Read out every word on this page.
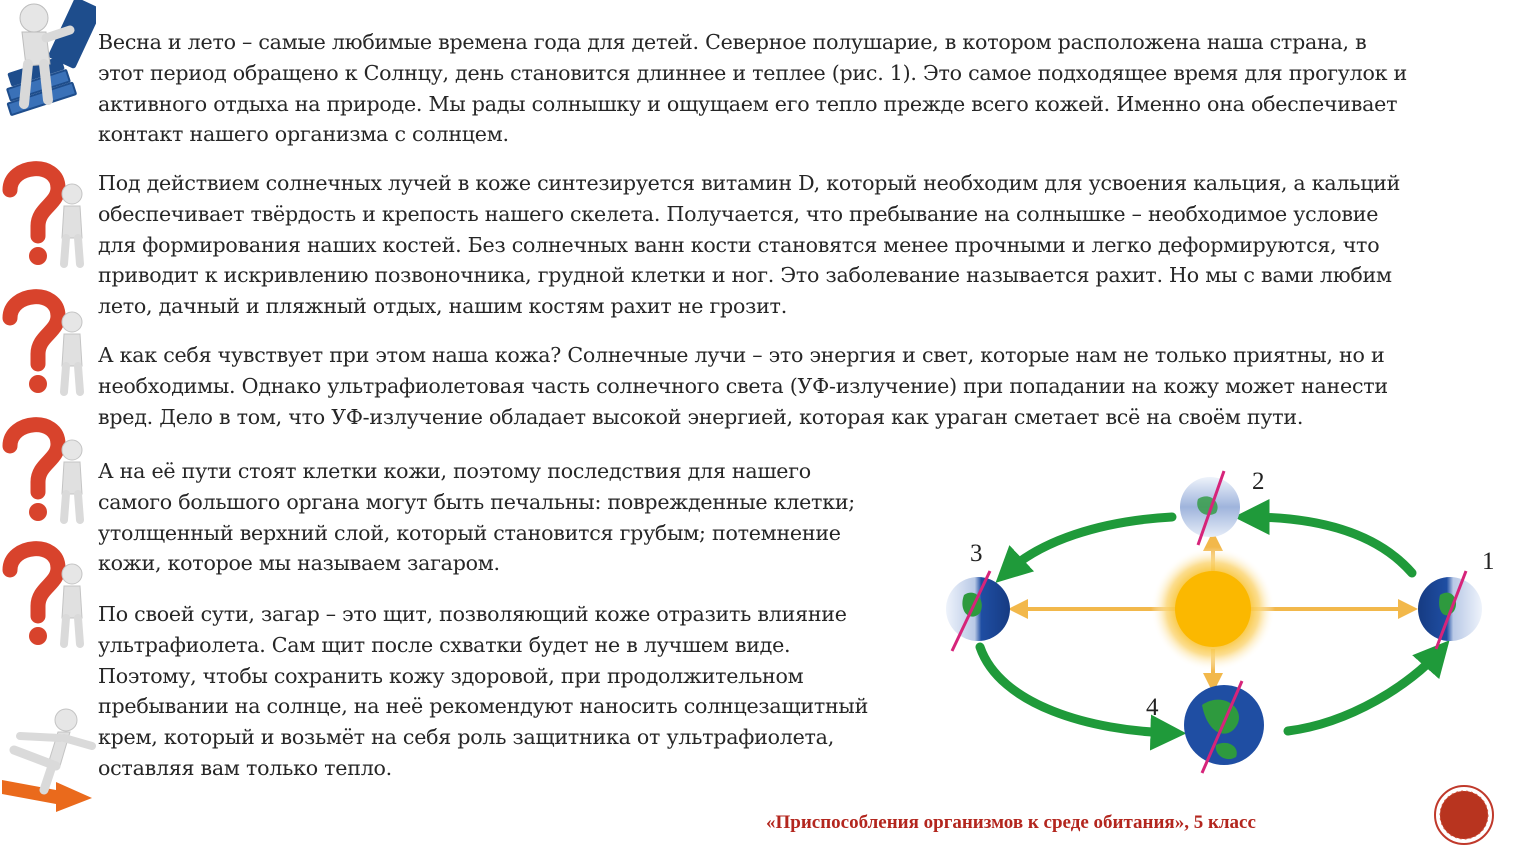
Весна и лето – самые любимые времена года для детей. Северное полушарие, в котором расположена наша страна, в
этот период обращено к Солнцу, день становится длиннее и теплее (рис. 1). Это самое подходящее время для прогулок и
активного отдыха на природе. Мы рады солнышку и ощущаем его тепло прежде всего кожей. Именно она обеспечивает
контакт нашего организма с солнцем.
Под действием солнечных лучей в коже синтезируется витамин D, который необходим для усвоения кальция, а кальций
обеспечивает твёрдость и крепость нашего скелета. Получается, что пребывание на солнышке – необходимое условие
для формирования наших костей. Без солнечных ванн кости становятся менее прочными и легко деформируются, что
приводит к искривлению позвоночника, грудной клетки и ног. Это заболевание называется рахит. Но мы с вами любим
лето, дачный и пляжный отдых, нашим костям рахит не грозит.
А как себя чувствует при этом наша кожа? Солнечные лучи – это энергия и свет, которые нам не только приятны, но и
необходимы. Однако ультрафиолетовая часть солнечного света (УФ-излучение) при попадании на кожу может нанести
вред. Дело в том, что УФ-излучение обладает высокой энергией, которая как ураган сметает всё на своём пути.
А на её пути стоят клетки кожи, поэтому последствия для нашего
самого большого органа могут быть печальны: поврежденные клетки;
утолщенный верхний слой, который становится грубым; потемнение
кожи, которое мы называем загаром.
По своей сути, загар – это щит, позволяющий коже отразить влияние
ультрафиолета. Сам щит после схватки будет не в лучшем виде.
Поэтому, чтобы сохранить кожу здоровой, при продолжительном
пребывании на солнце, на неё рекомендуют наносить солнцезащитный
крем, который и возьмёт на себя роль защитника от ультрафиолета,
оставляя вам только тепло.
1
2
3
4
«Приспособления организмов к среде обитания», 5 класс
